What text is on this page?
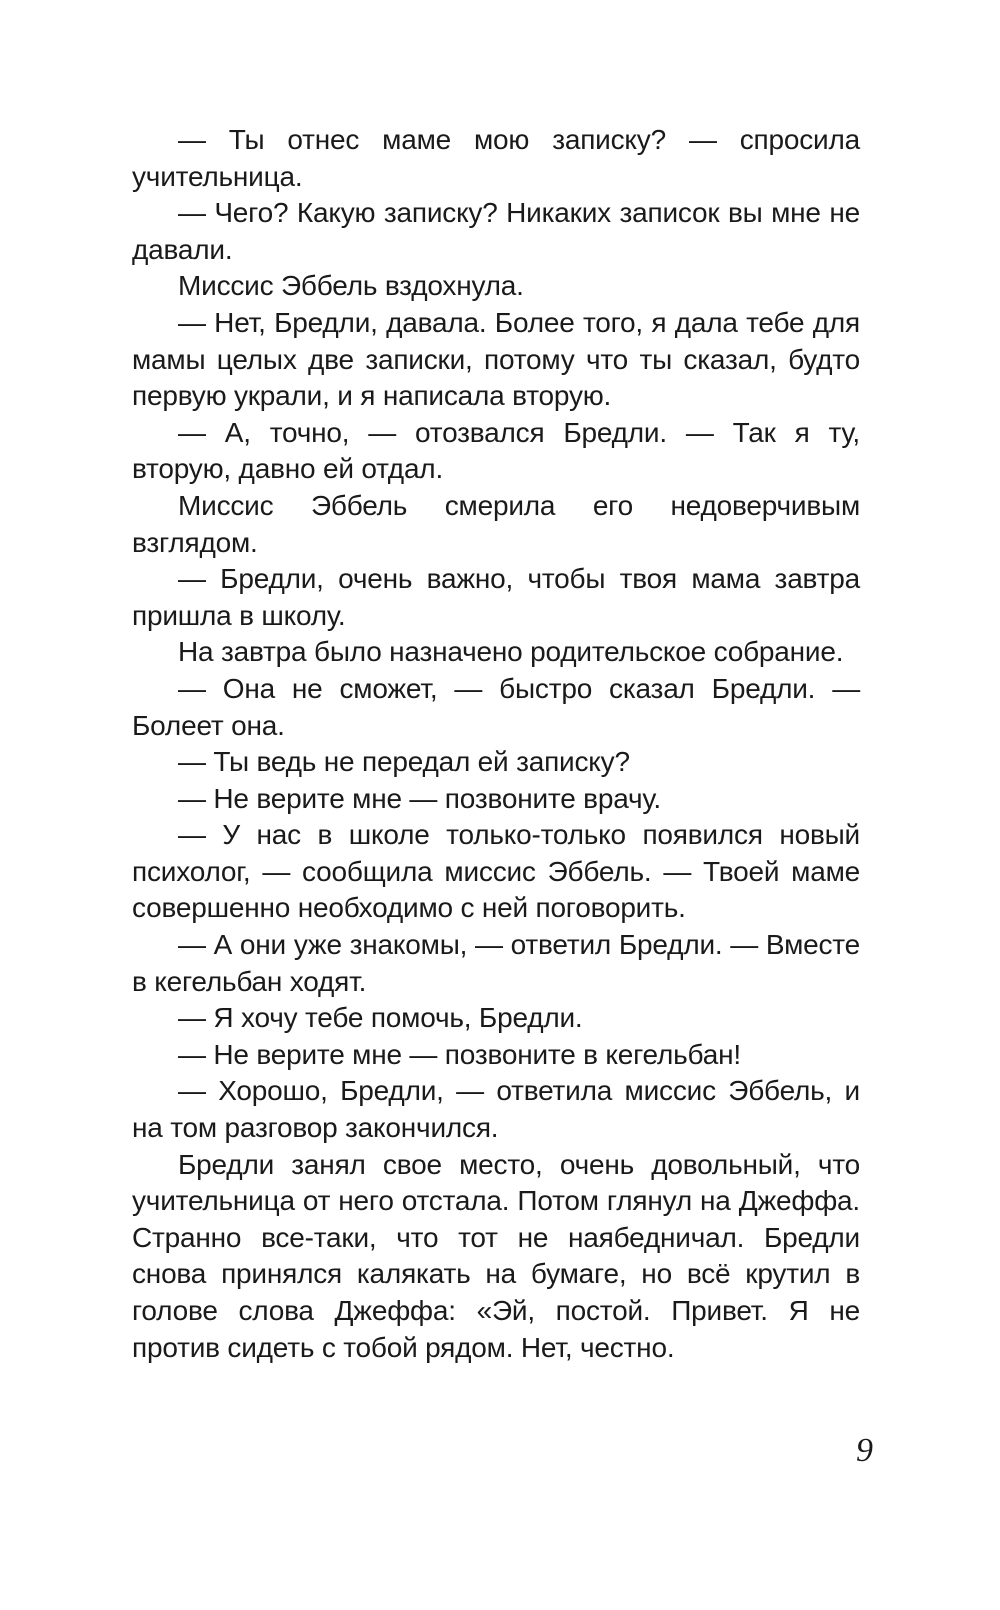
— Ты отнес маме мою записку? — спросила учительница.

— Чего? Какую записку? Никаких записок вы мне не давали.

Миссис Эббель вздохнула.

— Нет, Бредли, давала. Более того, я дала тебе для мамы целых две записки, потому что ты сказал, будто первую украли, и я написала вторую.

— А, точно, — отозвался Бредли. — Так я ту, вторую, давно ей отдал.

Миссис Эббель смерила его недоверчивым взглядом.

— Бредли, очень важно, чтобы твоя мама завтра пришла в школу.

На завтра было назначено родительское собрание.

— Она не сможет, — быстро сказал Бредли. — Болеет она.

— Ты ведь не передал ей записку?

— Не верите мне — позвоните врачу.

— У нас в школе только-только появился новый психолог, — сообщила миссис Эббель. — Твоей маме совершенно необходимо с ней поговорить.

— А они уже знакомы, — ответил Бредли. — Вместе в кегельбан ходят.

— Я хочу тебе помочь, Бредли.

— Не верите мне — позвоните в кегельбан!

— Хорошо, Бредли, — ответила миссис Эббель, и на том разговор закончился.

Бредли занял свое место, очень довольный, что учительница от него отстала. Потом глянул на Джеффа. Странно все-таки, что тот не наябедничал. Бредли снова принялся калякать на бумаге, но всё крутил в голове слова Джеффа: «Эй, постой. Привет. Я не против сидеть с тобой рядом. Нет, честно.

9
